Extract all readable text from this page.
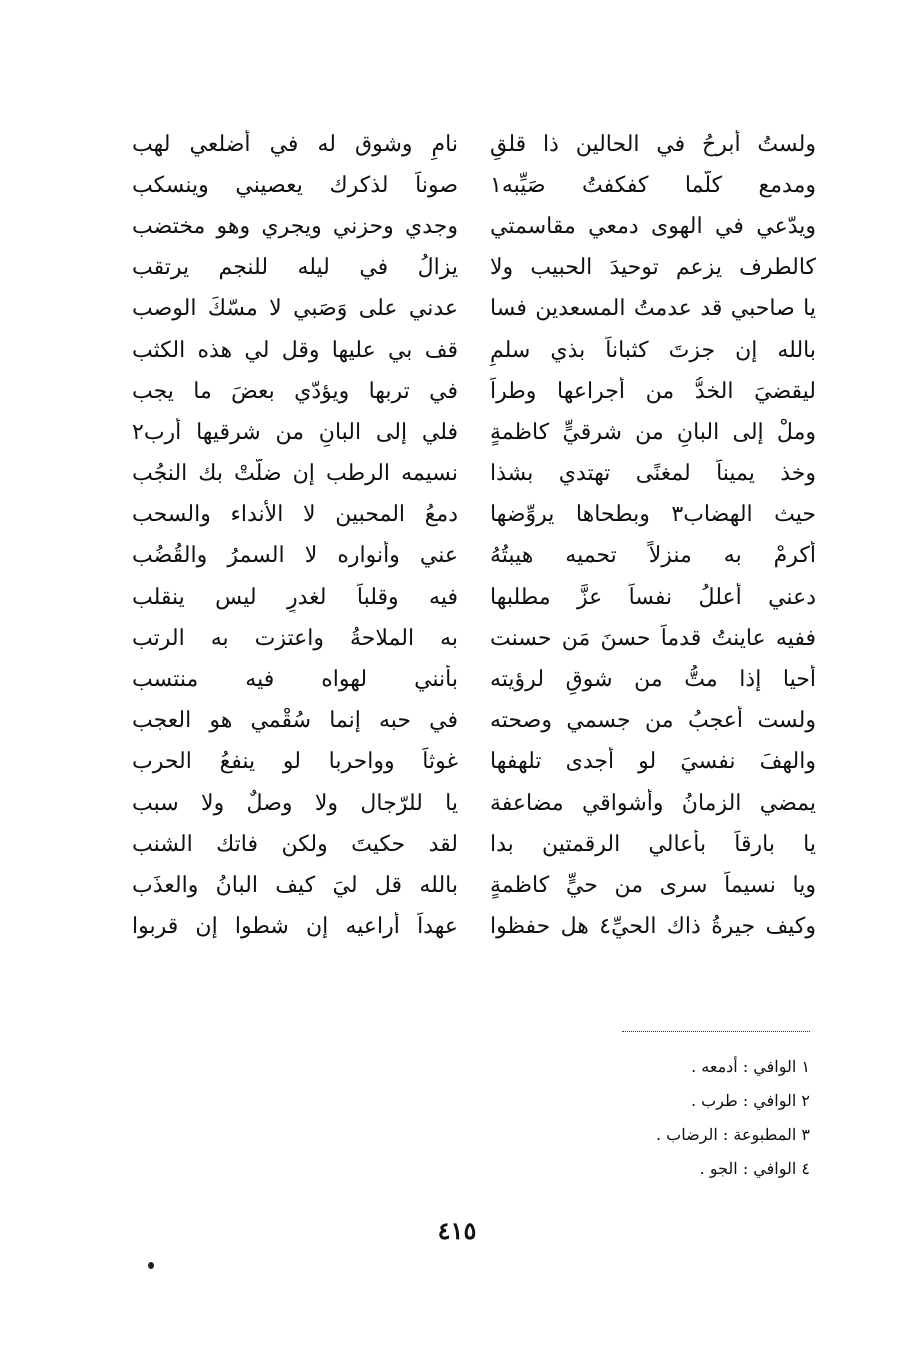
ولستُ أبرحُ في الحالين ذا قلقٍ
نامٍ وشوق له في أضلعي لهب
ومدمع كلّما كفكفتُ صَيِّبه١
صوناً لذكرك يعصيني وينسكب
ويدّعي في الهوى دمعي مقاسمتي
وجدي وحزني ويجري وهو مختضب
كالطرف يزعم توحيدَ الحبيب ولا
يزالُ في ليله للنجم يرتقب
يا صاحبي قد عدمتُ المسعدين فسا
عدني على وَصَبي لا مسّكَ الوصب
بالله إن جزتَ كثباناً بذي سلمٍ
قف بي عليها وقل لي هذه الكثب
ليقضيَ الخدُّ من أجراعها وطراً
في تربها ويؤدّي بعضَ ما يجب
وملْ إلى البانِ من شرقيٍّ كاظمةٍ
فلي إلى البانِ من شرقيها أرب٢
وخذ يميناً لمغنًى تهتدي بشذا
نسيمه الرطب إن ضلَّتْ بك النجُب
حيث الهضاب٣ وبطحاها يروِّضها
دمعُ المحبين لا الأنداء والسحب
أكرمْ به منزلاً تحميه هيبتُهُ
عني وأنواره لا السمرُ والقُضُب
دعني أعللُ نفساً عزَّ مطلبها
فيه وقلباً لغدرٍ ليس ينقلب
ففيه عاينتُ قدماً حسنَ مَن حسنت
به الملاحةُ واعتزت به الرتب
أحيا إذا متُّ من شوقٍ لرؤيته
بأنني لهواه فيه منتسب
ولست أعجبُ من جسمي وصحته
في حبه إنما سُقْمي هو العجب
والهفَ نفسيَ لو أجدى تلهفها
غوثاً وواحربا لو ينفعُ الحرب
يمضي الزمانُ وأشواقي مضاعفة
يا للرّجال ولا وصلٌ ولا سبب
يا بارقاً بأعالي الرقمتين بدا
لقد حكيتَ ولكن فاتك الشنب
ويا نسيماً سرى من حيٍّ كاظمةٍ
بالله قل ليَ كيف البانُ والعذَب
وكيف جيرةُ ذاك الحيِّ٤ هل حفظوا
عهداً أراعيه إن شطوا إن قربوا
١ الوافي : أدمعه .
٢ الوافي : طرب .
٣ المطبوعة : الرضاب .
٤ الوافي : الجو .
٤١٥
